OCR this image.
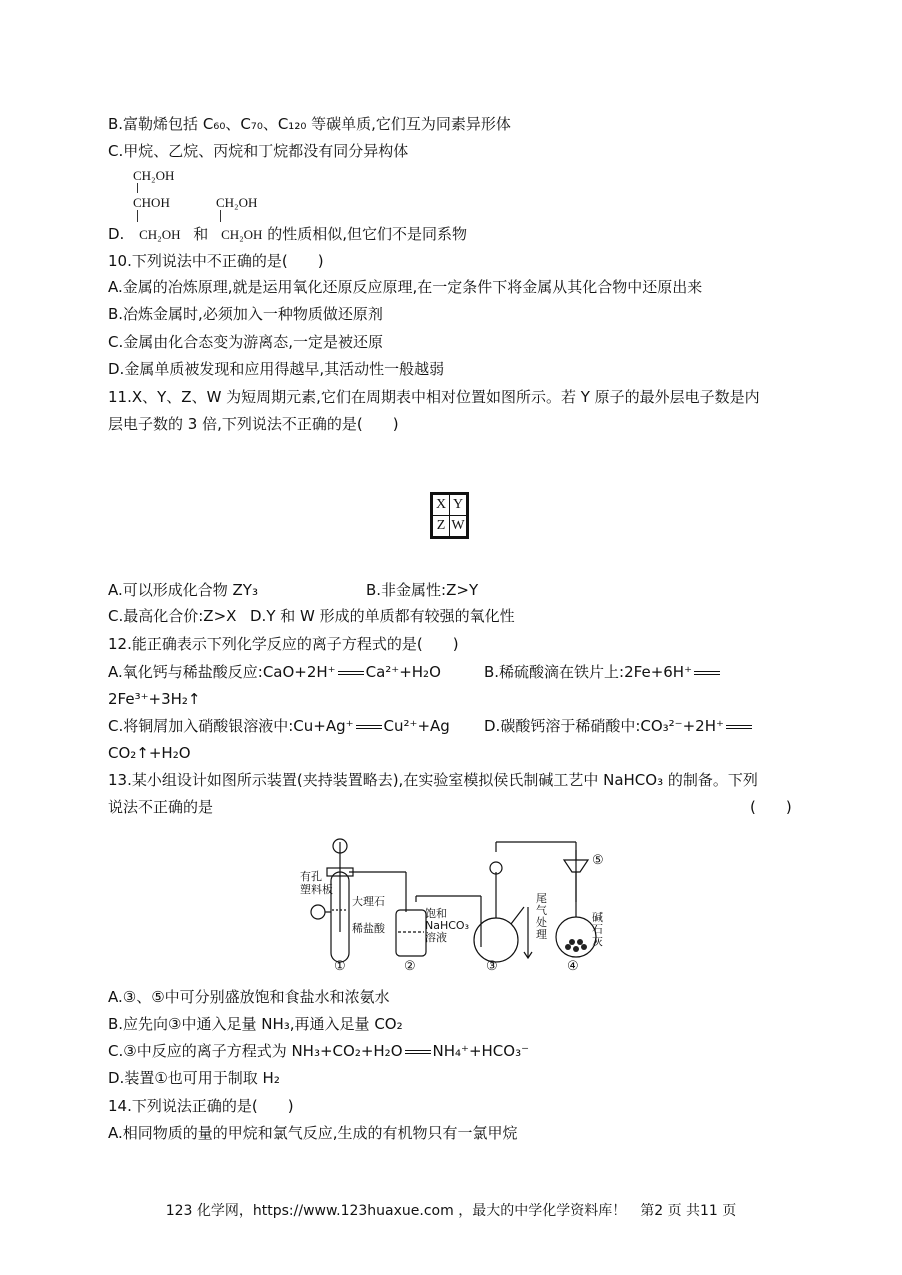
B.富勒烯包括 C₆₀、C₇₀、C₁₂₀ 等碳单质,它们互为同素异形体
C.甲烷、乙烷、丙烷和丁烷都没有同分异构体
CH₂OH
CHOH	CH₂OH
D. CH₂OH 和 CH₂OH 的性质相似,但它们不是同系物
10.下列说法中不正确的是(　　)
A.金属的冶炼原理,就是运用氧化还原反应原理,在一定条件下将金属从其化合物中还原出来
B.冶炼金属时,必须加入一种物质做还原剂
C.金属由化合态变为游离态,一定是被还原
D.金属单质被发现和应用得越早,其活动性一般越弱
11.X、Y、Z、W 为短周期元素,它们在周期表中相对位置如图所示。若 Y 原子的最外层电子数是内
层电子数的 3 倍,下列说法不正确的是(　　)
X	Y
Z	W
A.可以形成化合物 ZY₃	B.非金属性:Z>Y
C.最高化合价:Z>X D.Y 和 W 形成的单质都有较强的氧化性
12.能正确表示下列化学反应的离子方程式的是(　　)
A.氧化钙与稀盐酸反应:CaO+2H⁺ Ca²⁺+H₂O	B.稀硫酸滴在铁片上:2Fe+6H⁺
2Fe³⁺+3H₂↑
C.将铜屑加入硝酸银溶液中:Cu+Ag⁺ Cu²⁺+Ag D.碳酸钙溶于稀硝酸中:CO₃²⁻+2H⁺
CO₂↑+H₂O
13.某小组设计如图所示装置(夹持装置略去),在实验室模拟侯氏制碱工艺中 NaHCO₃ 的制备。下列
说法不正确的是	(　　)
有孔
塑料板
大理石
稀盐酸
饱和
NaHCO₃
溶液
尾气处理
碱石灰
①	②	③	④
⑤
A.③、⑤中可分别盛放饱和食盐水和浓氨水
B.应先向③中通入足量 NH₃,再通入足量 CO₂
C.③中反应的离子方程式为 NH₃+CO₂+H₂O NH₄⁺+HCO₃⁻
D.装置①也可用于制取 H₂
14.下列说法正确的是(　　)
A.相同物质的量的甲烷和氯气反应,生成的有机物只有一氯甲烷
123 化学网，https://www.123huaxue.com ，最大的中学化学资料库！　第2 页 共11 页
